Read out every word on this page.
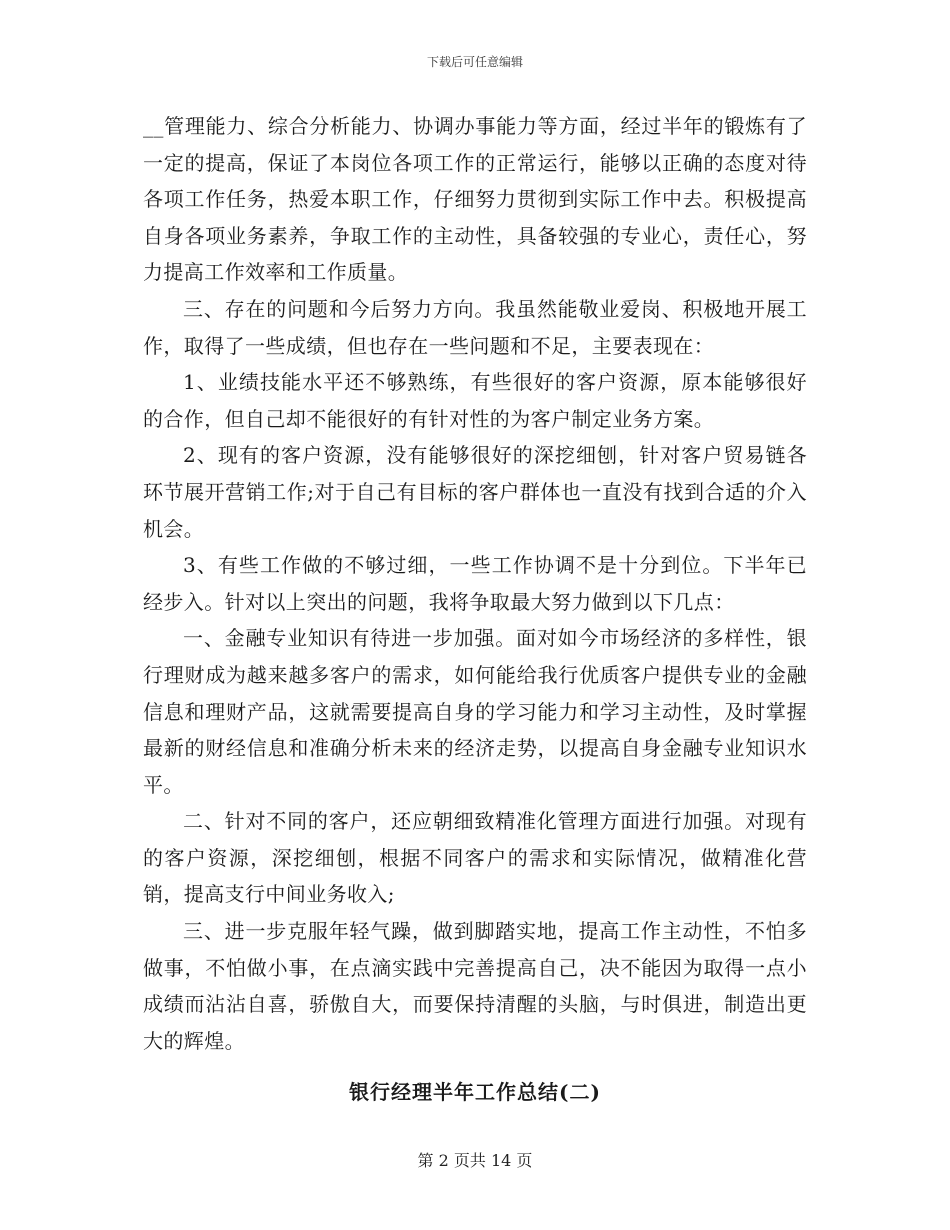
下载后可任意编辑

__管理能力、综合分析能力、协调办事能力等方面，经过半年的锻炼有了一定的提高，保证了本岗位各项工作的正常运行，能够以正确的态度对待各项工作任务，热爱本职工作，仔细努力贯彻到实际工作中去。积极提高自身各项业务素养，争取工作的主动性，具备较强的专业心，责任心，努力提高工作效率和工作质量。

三、存在的问题和今后努力方向。我虽然能敬业爱岗、积极地开展工作，取得了一些成绩，但也存在一些问题和不足，主要表现在：

1、业绩技能水平还不够熟练，有些很好的客户资源，原本能够很好的合作，但自己却不能很好的有针对性的为客户制定业务方案。

2、现有的客户资源，没有能够很好的深挖细刨，针对客户贸易链各环节展开营销工作;对于自己有目标的客户群体也一直没有找到合适的介入机会。

3、有些工作做的不够过细，一些工作协调不是十分到位。下半年已经步入。针对以上突出的问题，我将争取最大努力做到以下几点：

一、金融专业知识有待进一步加强。面对如今市场经济的多样性，银行理财成为越来越多客户的需求，如何能给我行优质客户提供专业的金融信息和理财产品，这就需要提高自身的学习能力和学习主动性，及时掌握最新的财经信息和准确分析未来的经济走势，以提高自身金融专业知识水平。

二、针对不同的客户，还应朝细致精准化管理方面进行加强。对现有的客户资源，深挖细刨，根据不同客户的需求和实际情况，做精准化营销，提高支行中间业务收入;

三、进一步克服年轻气躁，做到脚踏实地，提高工作主动性，不怕多做事，不怕做小事，在点滴实践中完善提高自己，决不能因为取得一点小成绩而沾沾自喜，骄傲自大，而要保持清醒的头脑，与时俱进，制造出更大的辉煌。

银行经理半年工作总结(二)
第 2 页共 14 页
